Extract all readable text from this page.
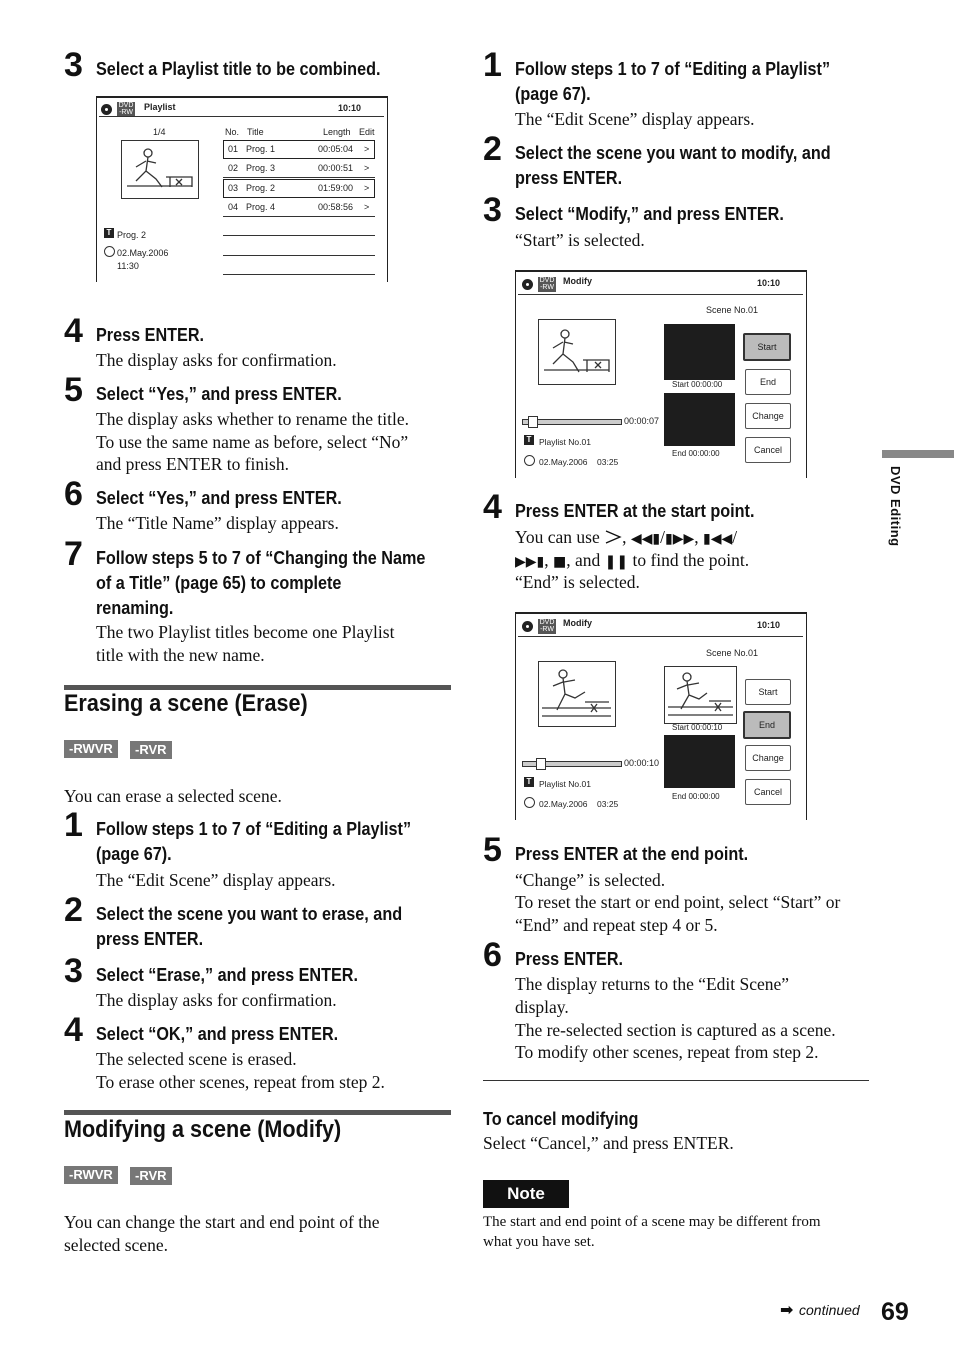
3 Select a Playlist title to be combined.
DVD -RW
Playlist	10:10
1/4	No. Title	Length Edit
01 Prog. 1	00:05:04 >
02 Prog. 3	00:00:51 >
03 Prog. 2	01:59:00 >
04 Prog. 4	00:58:56 >
T Prog. 2
02.May.2006
11:30
4 Press ENTER.
The display asks for confirmation.
5 Select “Yes,” and press ENTER.
The display asks whether to rename the title.
To use the same name as before, select “No”
and press ENTER to finish.
6 Select “Yes,” and press ENTER.
The “Title Name” display appears.
7 Follow steps 5 to 7 of “Changing the Name
of a Title” (page 65) to complete
renaming.
The two Playlist titles become one Playlist
title with the new name.
Erasing a scene (Erase)
-RWVR	-RVR
You can erase a selected scene.
1 Follow steps 1 to 7 of “Editing a Playlist”
(page 67).
The “Edit Scene” display appears.
2 Select the scene you want to erase, and
press ENTER.
3 Select “Erase,” and press ENTER.
The display asks for confirmation.
4 Select “OK,” and press ENTER.
The selected scene is erased.
To erase other scenes, repeat from step 2.
Modifying a scene (Modify)
-RWVR	-RVR
You can change the start and end point of the
selected scene.
1 Follow steps 1 to 7 of “Editing a Playlist”
(page 67).
The “Edit Scene” display appears.
2 Select the scene you want to modify, and
press ENTER.
3 Select “Modify,” and press ENTER.
“Start” is selected.
DVD -RW
Modify	10:10
Scene No.01
Start 00:00:00
End 00:00:00
00:00:07
Start
End
Change
Cancel
T Playlist No.01
02.May.2006 03:25
4 Press ENTER at the start point.
You can use , ◀◀▮/▮▶▶, ▮◀◀/
▶▶▮, ■, and ❚❚ to find the point.
“End” is selected.
DVD -RW
Modify	10:10
Scene No.01
Start 00:00:10
End 00:00:00
00:00:10
Start
End
Change
Cancel
T Playlist No.01
02.May.2006 03:25
5 Press ENTER at the end point.
“Change” is selected.
To reset the start or end point, select “Start” or
“End” and repeat step 4 or 5.
6 Press ENTER.
The display returns to the “Edit Scene”
display.
The re-selected section is captured as a scene.
To modify other scenes, repeat from step 2.
To cancel modifying
Select “Cancel,” and press ENTER.
Note
The start and end point of a scene may be different from
what you have set.
DVD Editing
➡ continued 69
